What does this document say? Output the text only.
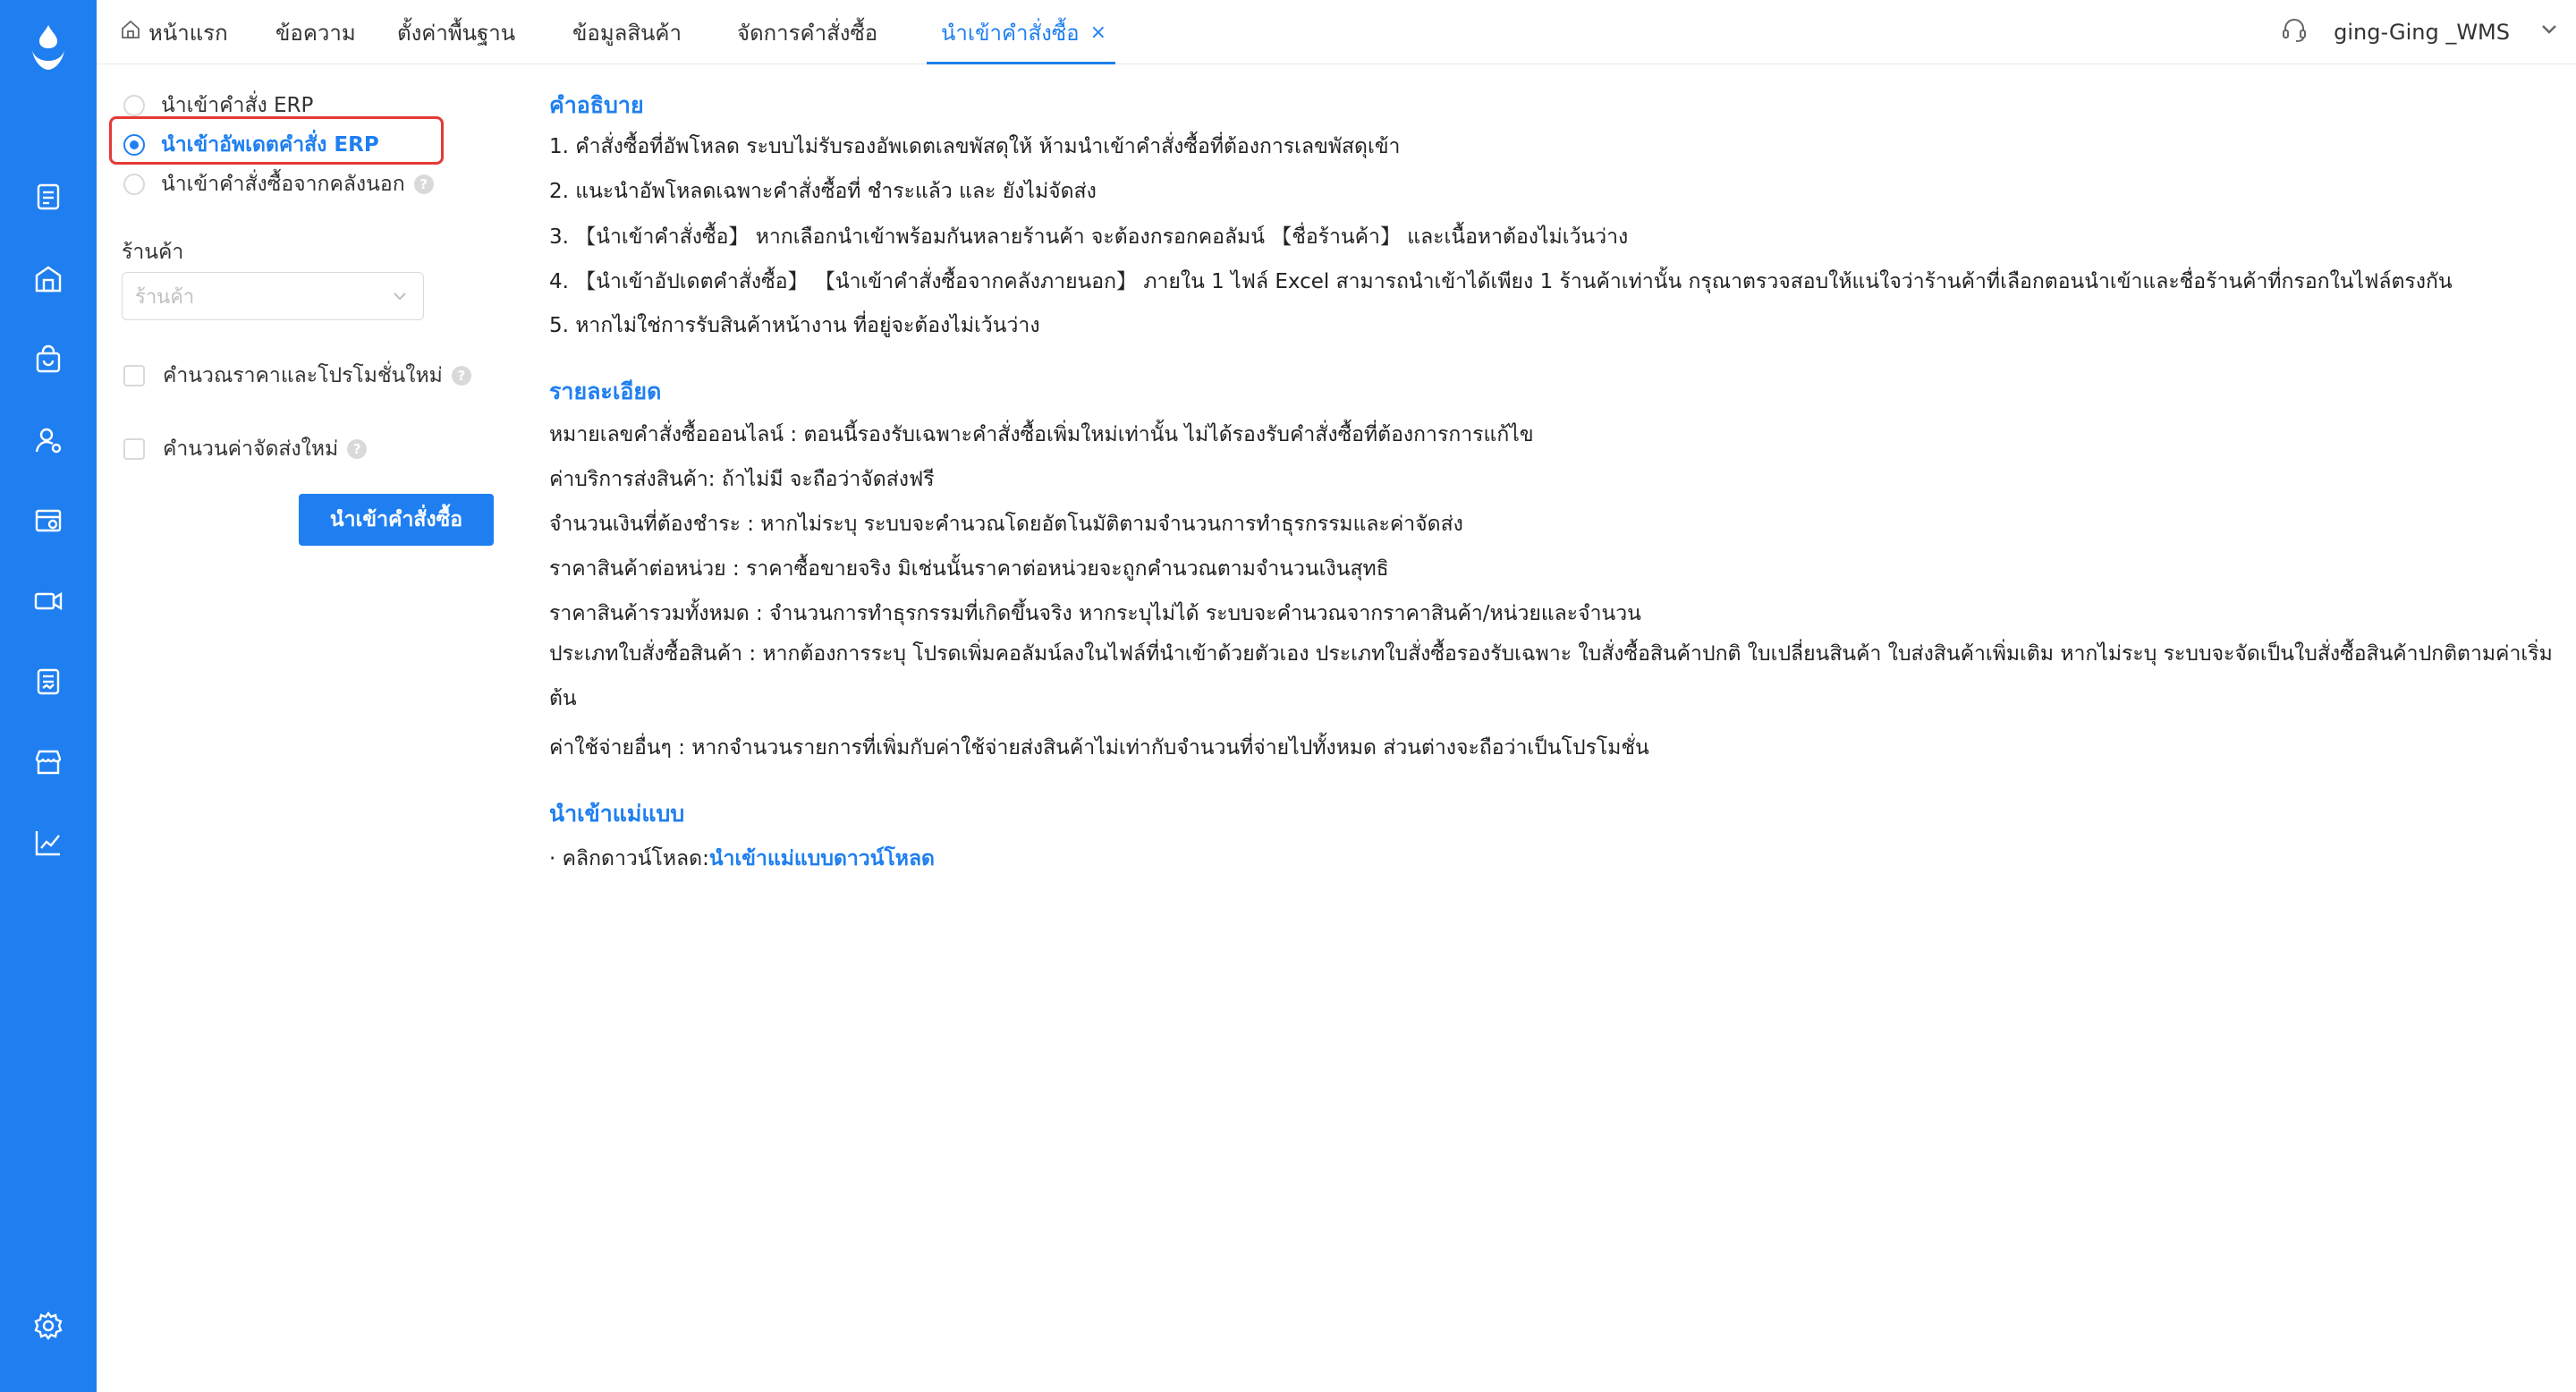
หน้าแรก ข้อความ ตั้งค่าพื้นฐาน	ข้อมูลสินค้า	จัดการคำสั่งซื้อ	นำเข้าคำสั่งซื้อ ×	ging-Ging _WMS
นำเข้าคำสั่ง ERP
นำเข้าอัพเดตคำสั่ง ERP
นำเข้าคำสั่งซื้อจากคลังนอก	?
ร้านค้า
ร้านค้า
คำนวณราคาและโปรโมชั่นใหม่	?
คำนวนค่าจัดส่งใหม่	?
นำเข้าคำสั่งซื้อ
คำอธิบาย
1. คำสั่งซื้อที่อัพโหลด ระบบไม่รับรองอัพเดตเลขพัสดุให้ ห้ามนำเข้าคำสั่งซื้อที่ต้องการเลขพัสดุเข้า
2. แนะนำอัพโหลดเฉพาะคำสั่งซื้อที่ ชำระแล้ว และ ยังไม่จัดส่ง
3. 【นำเข้าคำสั่งซื้อ】 หากเลือกนำเข้าพร้อมกันหลายร้านค้า จะต้องกรอกคอลัมน์ 【ชื่อร้านค้า】 และเนื้อหาต้องไม่เว้นว่าง
4. 【นำเข้าอัปเดตคำสั่งซื้อ】 【นำเข้าคำสั่งซื้อจากคลังภายนอก】 ภายใน 1 ไฟล์ Excel สามารถนำเข้าได้เพียง 1 ร้านค้าเท่านั้น กรุณาตรวจสอบให้แน่ใจว่าร้านค้าที่เลือกตอนนำเข้าและชื่อร้านค้าที่กรอกในไฟล์ตรงกัน
5. หากไม่ใช่การรับสินค้าหน้างาน ที่อยู่จะต้องไม่เว้นว่าง
รายละเอียด
หมายเลขคำสั่งซื้อออนไลน์ : ตอนนี้รองรับเฉพาะคำสั่งซื้อเพิ่มใหม่เท่านั้น ไม่ได้รองรับคำสั่งซื้อที่ต้องการการแก้ไข
ค่าบริการส่งสินค้า: ถ้าไม่มี จะถือว่าจัดส่งฟรี
จำนวนเงินที่ต้องชำระ : หากไม่ระบุ ระบบจะคำนวณโดยอัตโนมัติตามจำนวนการทำธุรกรรมและค่าจัดส่ง
ราคาสินค้าต่อหน่วย : ราคาซื้อขายจริง มิเช่นนั้นราคาต่อหน่วยจะถูกคำนวณตามจำนวนเงินสุทธิ
ราคาสินค้ารวมทั้งหมด : จำนวนการทำธุรกรรมที่เกิดขึ้นจริง หากระบุไม่ได้ ระบบจะคำนวณจากราคาสินค้า/หน่วยและจำนวน
ประเภทใบสั่งซื้อสินค้า : หากต้องการระบุ โปรดเพิ่มคอลัมน์ลงในไฟล์ที่นำเข้าด้วยตัวเอง ประเภทใบสั่งซื้อรองรับเฉพาะ ใบสั่งซื้อสินค้าปกติ ใบเปลี่ยนสินค้า ใบส่งสินค้าเพิ่มเติม หากไม่ระบุ ระบบจะจัดเป็นใบสั่งซื้อสินค้าปกติตามค่าเริ่มต้น
ค่าใช้จ่ายอื่นๆ : หากจำนวนรายการที่เพิ่มกับค่าใช้จ่ายส่งสินค้าไม่เท่ากับจำนวนที่จ่ายไปทั้งหมด ส่วนต่างจะถือว่าเป็นโปรโมชั่น
นำเข้าแม่แบบ
· คลิกดาวน์โหลด:นำเข้าแม่แบบดาวน์โหลด
